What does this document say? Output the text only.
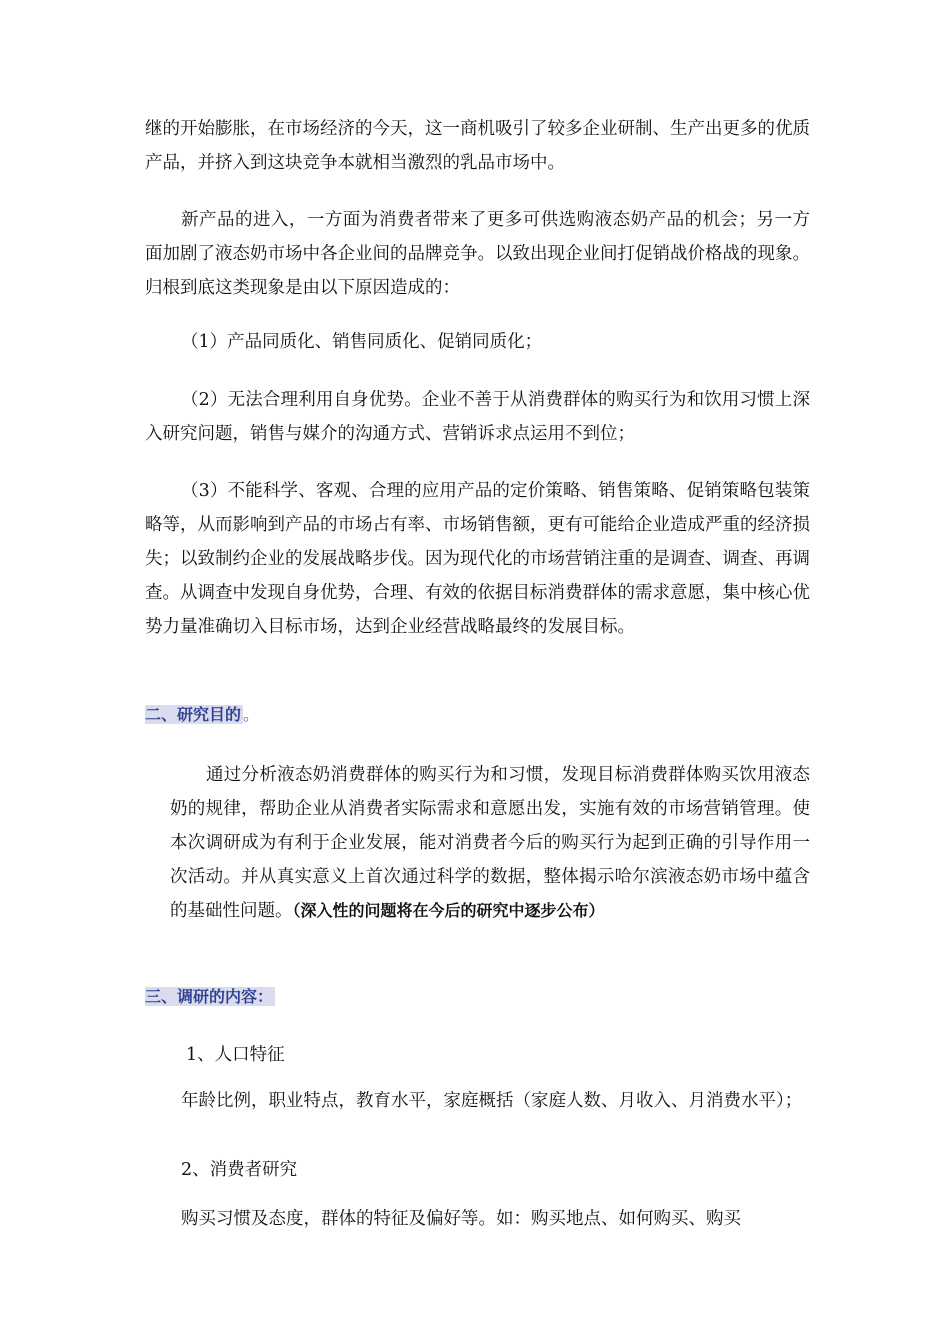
继的开始膨胀，在市场经济的今天，这一商机吸引了较多企业研制、生产出更多的优质产品，并挤入到这块竞争本就相当激烈的乳品市场中。

新产品的进入，一方面为消费者带来了更多可供选购液态奶产品的机会；另一方面加剧了液态奶市场中各企业间的品牌竞争。以致出现企业间打促销战价格战的现象。归根到底这类现象是由以下原因造成的：

（1）产品同质化、销售同质化、促销同质化；

（2）无法合理利用自身优势。企业不善于从消费群体的购买行为和饮用习惯上深入研究问题，销售与媒介的沟通方式、营销诉求点运用不到位；

（3）不能科学、客观、合理的应用产品的定价策略、销售策略、促销策略包装策略等，从而影响到产品的市场占有率、市场销售额，更有可能给企业造成严重的经济损失；以致制约企业的发展战略步伐。因为现代化的市场营销注重的是调查、调查、再调查。从调查中发现自身优势，合理、有效的依据目标消费群体的需求意愿，集中核心优势力量准确切入目标市场，达到企业经营战略最终的发展目标。

二、研究目的 。

通过分析液态奶消费群体的购买行为和习惯，发现目标消费群体购买饮用液态奶的规律，帮助企业从消费者实际需求和意愿出发，实施有效的市场营销管理。使本次调研成为有利于企业发展，能对消费者今后的购买行为起到正确的引导作用一次活动。并从真实意义上首次通过科学的数据，整体揭示哈尔滨液态奶市场中蕴含的基础性问题。（深入性的问题将在今后的研究中逐步公布）

三、调研的内容：
1、人口特征

年龄比例，职业特点，教育水平，家庭概括（家庭人数、月收入、月消费水平）；

2、消费者研究

购买习惯及态度，群体的特征及偏好等。如：购买地点、如何购买、购买
